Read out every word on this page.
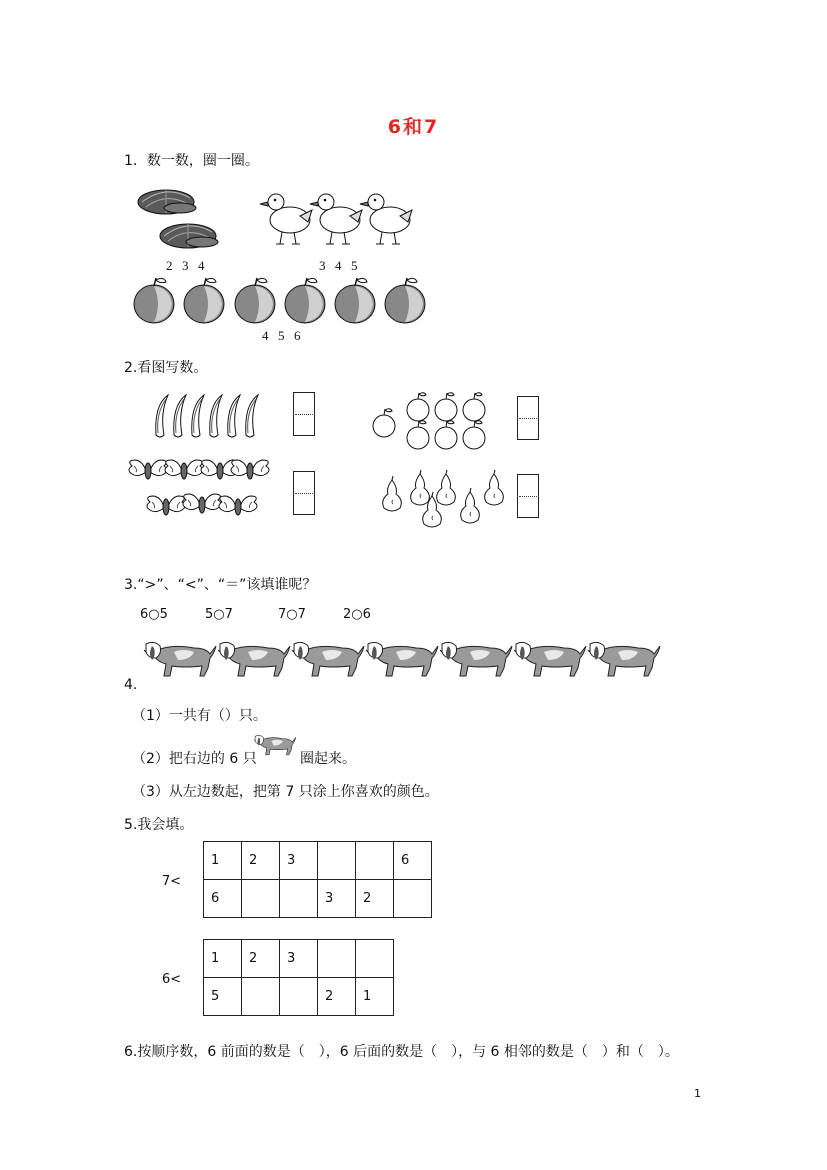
6和7
1．数一数，圈一圈。
2 3 4	3 4 5
4 5 6
2.看图写数。
3.“>”、“<”、“＝”该填谁呢？
6○5	5○7	7○7	2○6
4.
（1）一共有（）只。
（2）把右边的 6 只	圈起来。
（3）从左边数起，把第 7 只涂上你喜欢的颜色。
5.我会填。
7<
1	2	3			6
6			3	2	
6<
1	2	3		
5			2	1
6.按顺序数，6 前面的数是（　），6 后面的数是（　），与 6 相邻的数是（　）和（　）。
1
